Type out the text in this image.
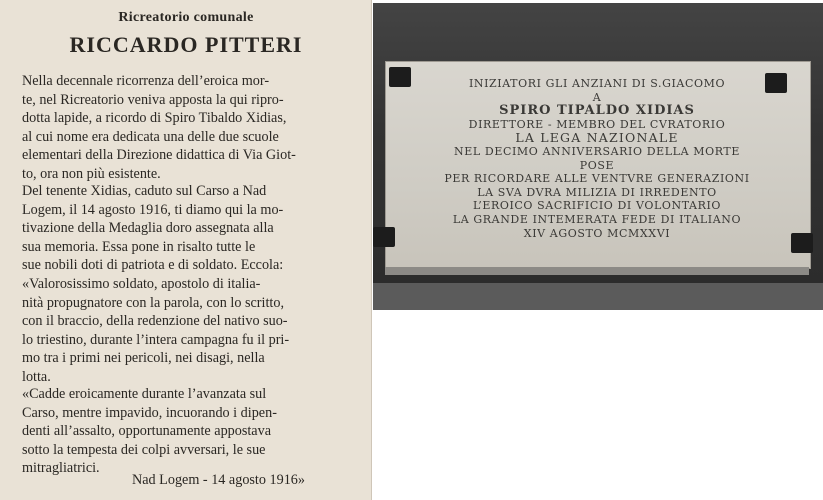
Ricreatorio comunale
RICCARDO PITTERI

Nella decennale ricorrenza dell’eroica mor-
te, nel Ricreatorio veniva apposta la qui ripro-
dotta lapide, a ricordo di Spiro Tibaldo Xidias,
al cui nome era dedicata una delle due scuole
elementari della Direzione didattica di Via Giot-
to, ora non più esistente.

Del tenente Xidias, caduto sul Carso a Nad
Logem, il 14 agosto 1916, ti diamo qui la mo-
tivazione della Medaglia doro assegnata alla
sua memoria. Essa pone in risalto tutte le
sue nobili doti di patriota e di soldato. Eccola:

«Valorosissimo soldato, apostolo di italia-
nità propugnatore con la parola, con lo scritto,
con il braccio, della redenzione del nativo suo-
lo triestino, durante l’intera campagna fu il pri-
mo tra i primi nei pericoli, nei disagi, nella
lotta.

«Cadde eroicamente durante l’avanzata sul
Carso, mentre impavido, incuorando i dipen-
denti all’assalto, opportunamente appostava
sotto la tempesta dei colpi avversari, le sue
mitragliatrici.

Nad Logem - 14 agosto 1916»

INIZIATORI GLI ANZIANI DI S.GIACOMO
A
SPIRO TIPALDO XIDIAS
DIRETTORE - MEMBRO DEL CVRATORIO
LA LEGA NAZIONALE
NEL DECIMO ANNIVERSARIO DELLA MORTE
POSE
PER RICORDARE ALLE VENTVRE GENERAZIONI
LA SVA DVRA MILIZIA DI IRREDENTO
L’EROICO SACRIFICIO DI VOLONTARIO
LA GRANDE INTEMERATA FEDE DI ITALIANO
XIV AGOSTO MCMXXVI
